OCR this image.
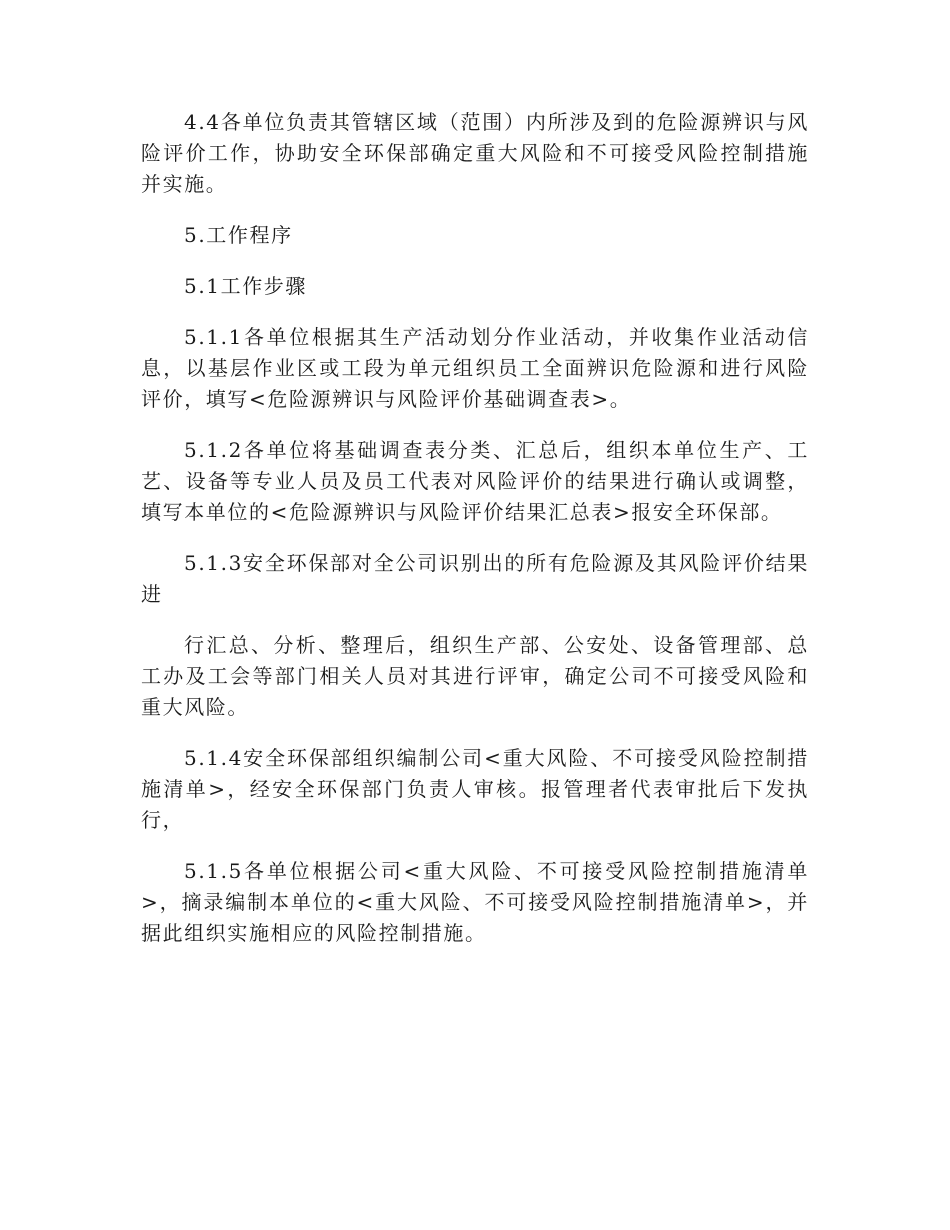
4.4各单位负责其管辖区域（范围）内所涉及到的危险源辨识与风险评价工作，协助安全环保部确定重大风险和不可接受风险控制措施并实施。

5.工作程序

5.1工作步骤

5.1.1各单位根据其生产活动划分作业活动，并收集作业活动信息，以基层作业区或工段为单元组织员工全面辨识危险源和进行风险评价，填写<危险源辨识与风险评价基础调查表>。

5.1.2各单位将基础调查表分类、汇总后，组织本单位生产、工艺、设备等专业人员及员工代表对风险评价的结果进行确认或调整，填写本单位的<危险源辨识与风险评价结果汇总表>报安全环保部。

5.1.3安全环保部对全公司识别出的所有危险源及其风险评价结果进

行汇总、分析、整理后，组织生产部、公安处、设备管理部、总工办及工会等部门相关人员对其进行评审，确定公司不可接受风险和重大风险。

5.1.4安全环保部组织编制公司<重大风险、不可接受风险控制措施清单>，经安全环保部门负责人审核。报管理者代表审批后下发执行，

5.1.5各单位根据公司<重大风险、不可接受风险控制措施清单>，摘录编制本单位的<重大风险、不可接受风险控制措施清单>，并据此组织实施相应的风险控制措施。
